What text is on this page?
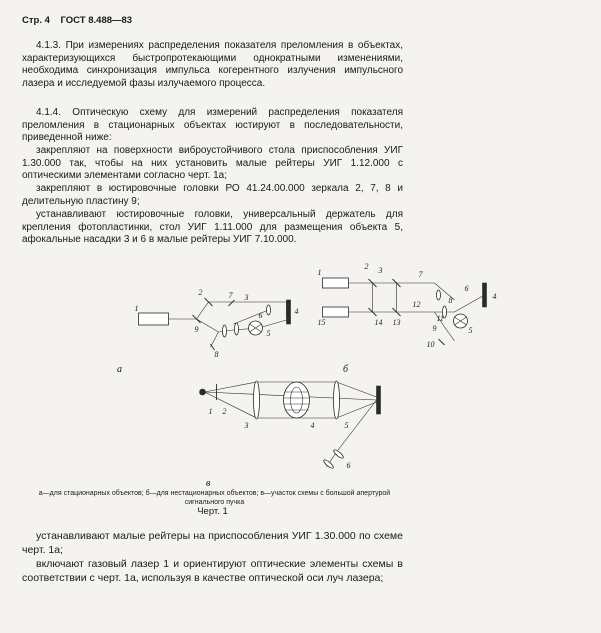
Стр. 4 ГОСТ 8.488—83
4.1.3. При измерениях распределения показателя преломления в объектах, характеризующихся быстропротекающими однократными изменениями, необходима синхронизация импульса когерентного излучения импульсного лазера и исследуемой фазы излучаемого процесса.
4.1.4. Оптическую схему для измерений распределения показателя преломления в стационарных объектах юстируют в последовательности, приведенной ниже:
закрепляют на поверхности виброустойчивого стола приспособления УИГ 1.30.000 так, чтобы на них установить малые рейтеры УИГ 1.12.000 с оптическими элементами согласно черт. 1а;
закрепляют в юстировочные головки РО 41.24.00.000 зеркала 2, 7, 8 и делительную пластину 9;
устанавливают юстировочные головки, универсальный держатель для крепления фотопластинки, стол УИГ 1.11.000 для размещения объекта 5, афокальные насадки 3 и 6 в малые рейтеры УИГ 7.10.000.
1
2
3
4
5
6
7
8
9
а
1
2 3
4
5
6
7
8
9
10
11
12
13
14
15
б
1 2
3	4	5
6
в
а—для стационарных объектов; б—для нестационарных объектов; в—участок схемы с большой апертурой сигнального пучка
Черт. 1
устанавливают малые рейтеры на приспособления УИГ 1.30.000 по схеме черт. 1а;
включают газовый лазер 1 и ориентируют оптические элементы схемы в соответствии с черт. 1а, используя в качестве оптической оси луч лазера;
